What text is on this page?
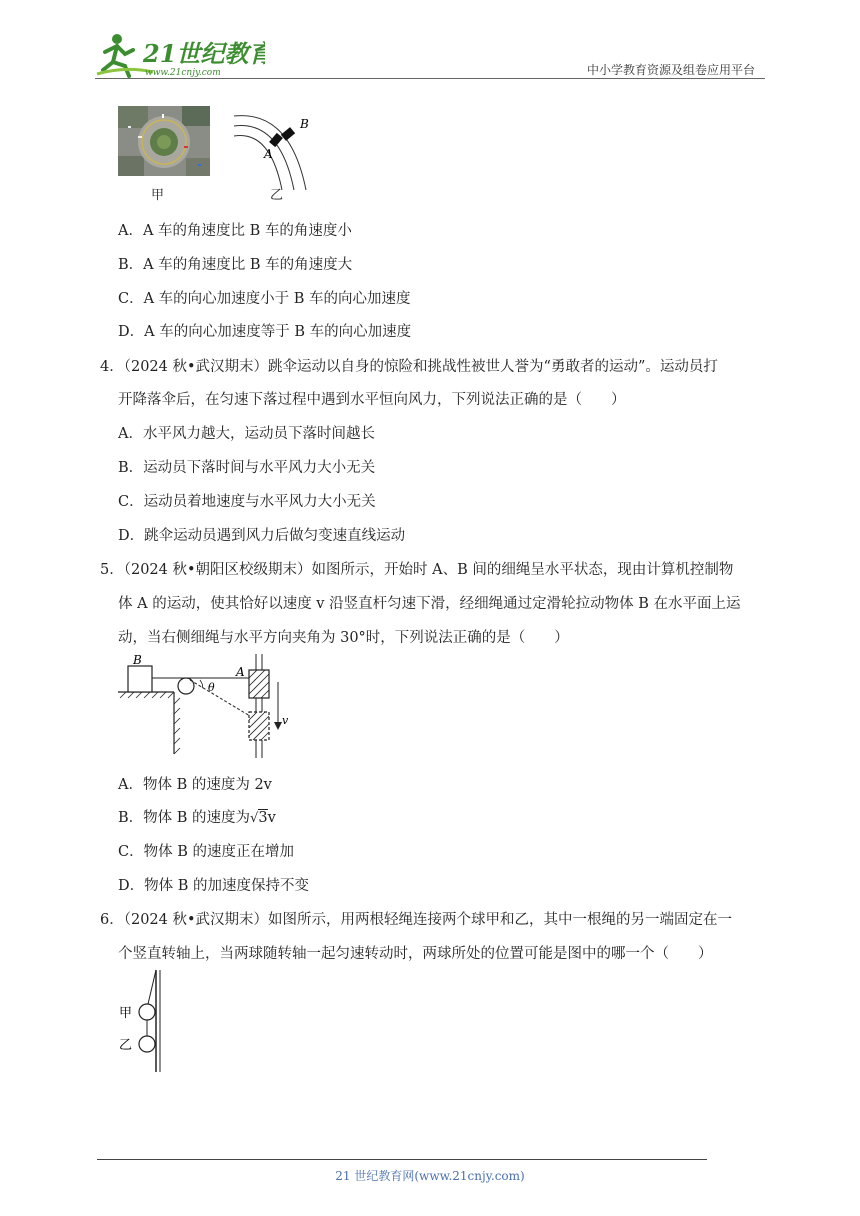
21世纪教育
www.21cnjy.com	中小学教育资源及组卷应用平台
甲
A
B
乙
A．A 车的角速度比 B 车的角速度小
B．A 车的角速度比 B 车的角速度大
C．A 车的向心加速度小于 B 车的向心加速度
D．A 车的向心加速度等于 B 车的向心加速度
4．（2024 秋•武汉期末）跳伞运动以自身的惊险和挑战性被世人誉为“勇敢者的运动”。运动员打
开降落伞后，在匀速下落过程中遇到水平恒向风力，下列说法正确的是（　　）
A．水平风力越大，运动员下落时间越长
B．运动员下落时间与水平风力大小无关
C．运动员着地速度与水平风力大小无关
D．跳伞运动员遇到风力后做匀变速直线运动
5．（2024 秋•朝阳区校级期末）如图所示，开始时 A、B 间的细绳呈水平状态，现由计算机控制物
体 A 的运动，使其恰好以速度 v 沿竖直杆匀速下滑，经细绳通过定滑轮拉动物体 B 在水平面上运
动，当右侧细绳与水平方向夹角为 30°时，下列说法正确的是（　　）
B
θ
A
v
A．物体 B 的速度为 2v
B．物体 B 的速度为√3v
C．物体 B 的速度正在增加
D．物体 B 的加速度保持不变
6．（2024 秋•武汉期末）如图所示，用两根轻绳连接两个球甲和乙，其中一根绳的另一端固定在一
个竖直转轴上，当两球随转轴一起匀速转动时，两球所处的位置可能是图中的哪一个（　　）
甲
乙
21 世纪教育网(www.21cnjy.com)
